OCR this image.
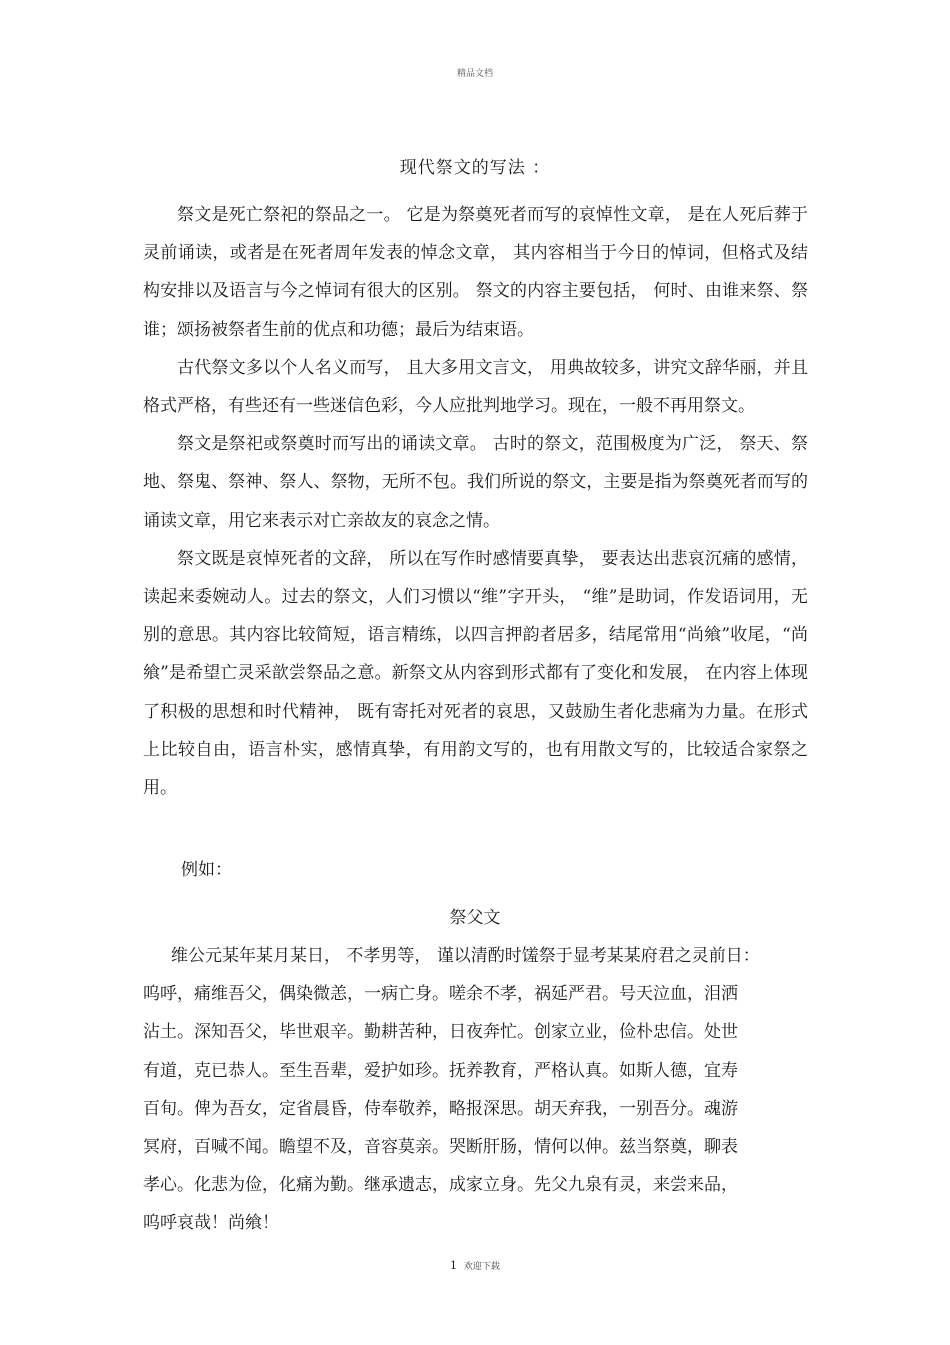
精品文档
现代祭文的写法 ：

祭文是死亡祭祀的祭品之一。 它是为祭奠死者而写的哀悼性文章， 是在人死后葬于灵前诵读，或者是在死者周年发表的悼念文章， 其内容相当于今日的悼词，但格式及结构安排以及语言与今之悼词有很大的区别。 祭文的内容主要包括， 何时、由谁来祭、祭谁；颂扬被祭者生前的优点和功德；最后为结束语。

古代祭文多以个人名义而写， 且大多用文言文， 用典故较多，讲究文辞华丽，并且格式严格，有些还有一些迷信色彩，今人应批判地学习。现在，一般不再用祭文。

祭文是祭祀或祭奠时而写出的诵读文章。 古时的祭文，范围极度为广泛， 祭天、祭地、祭鬼、祭神、祭人、祭物，无所不包。我们所说的祭文，主要是指为祭奠死者而写的诵读文章，用它来表示对亡亲故友的哀念之情。

祭文既是哀悼死者的文辞， 所以在写作时感情要真挚， 要表达出悲哀沉痛的感情，读起来委婉动人。过去的祭文，人们习惯以“维”字开头， “维”是助词，作发语词用，无别的意思。其内容比较简短，语言精练，以四言押韵者居多，结尾常用“尚飨”收尾，“尚飨”是希望亡灵采歆尝祭品之意。新祭文从内容到形式都有了变化和发展， 在内容上体现了积极的思想和时代精神， 既有寄托对死者的哀思，又鼓励生者化悲痛为力量。在形式上比较自由，语言朴实，感情真挚，有用韵文写的，也有用散文写的，比较适合家祭之用。

例如：
祭父文

维公元某年某月某日， 不孝男等， 谨以清酌时馐祭于显考某某府君之灵前日：

呜呼，痛维吾父，偶染微恙，一病亡身。嗟余不孝，祸延严君。号天泣血，泪洒
沾土。深知吾父，毕世艰辛。勤耕苦种，日夜奔忙。创家立业，俭朴忠信。处世
有道，克已恭人。至生吾辈，爱护如珍。抚养教育，严格认真。如斯人德，宜寿
百旬。俾为吾女，定省晨昏，侍奉敬养，略报深思。胡天弃我，一别吾分。魂游
冥府，百喊不闻。瞻望不及，音容莫亲。哭断肝肠，情何以伸。兹当祭奠，聊表
孝心。化悲为俭，化痛为勤。继承遗志，成家立身。先父九泉有灵，来尝来品，
呜呼哀哉！尚飨！
1 欢迎下载
